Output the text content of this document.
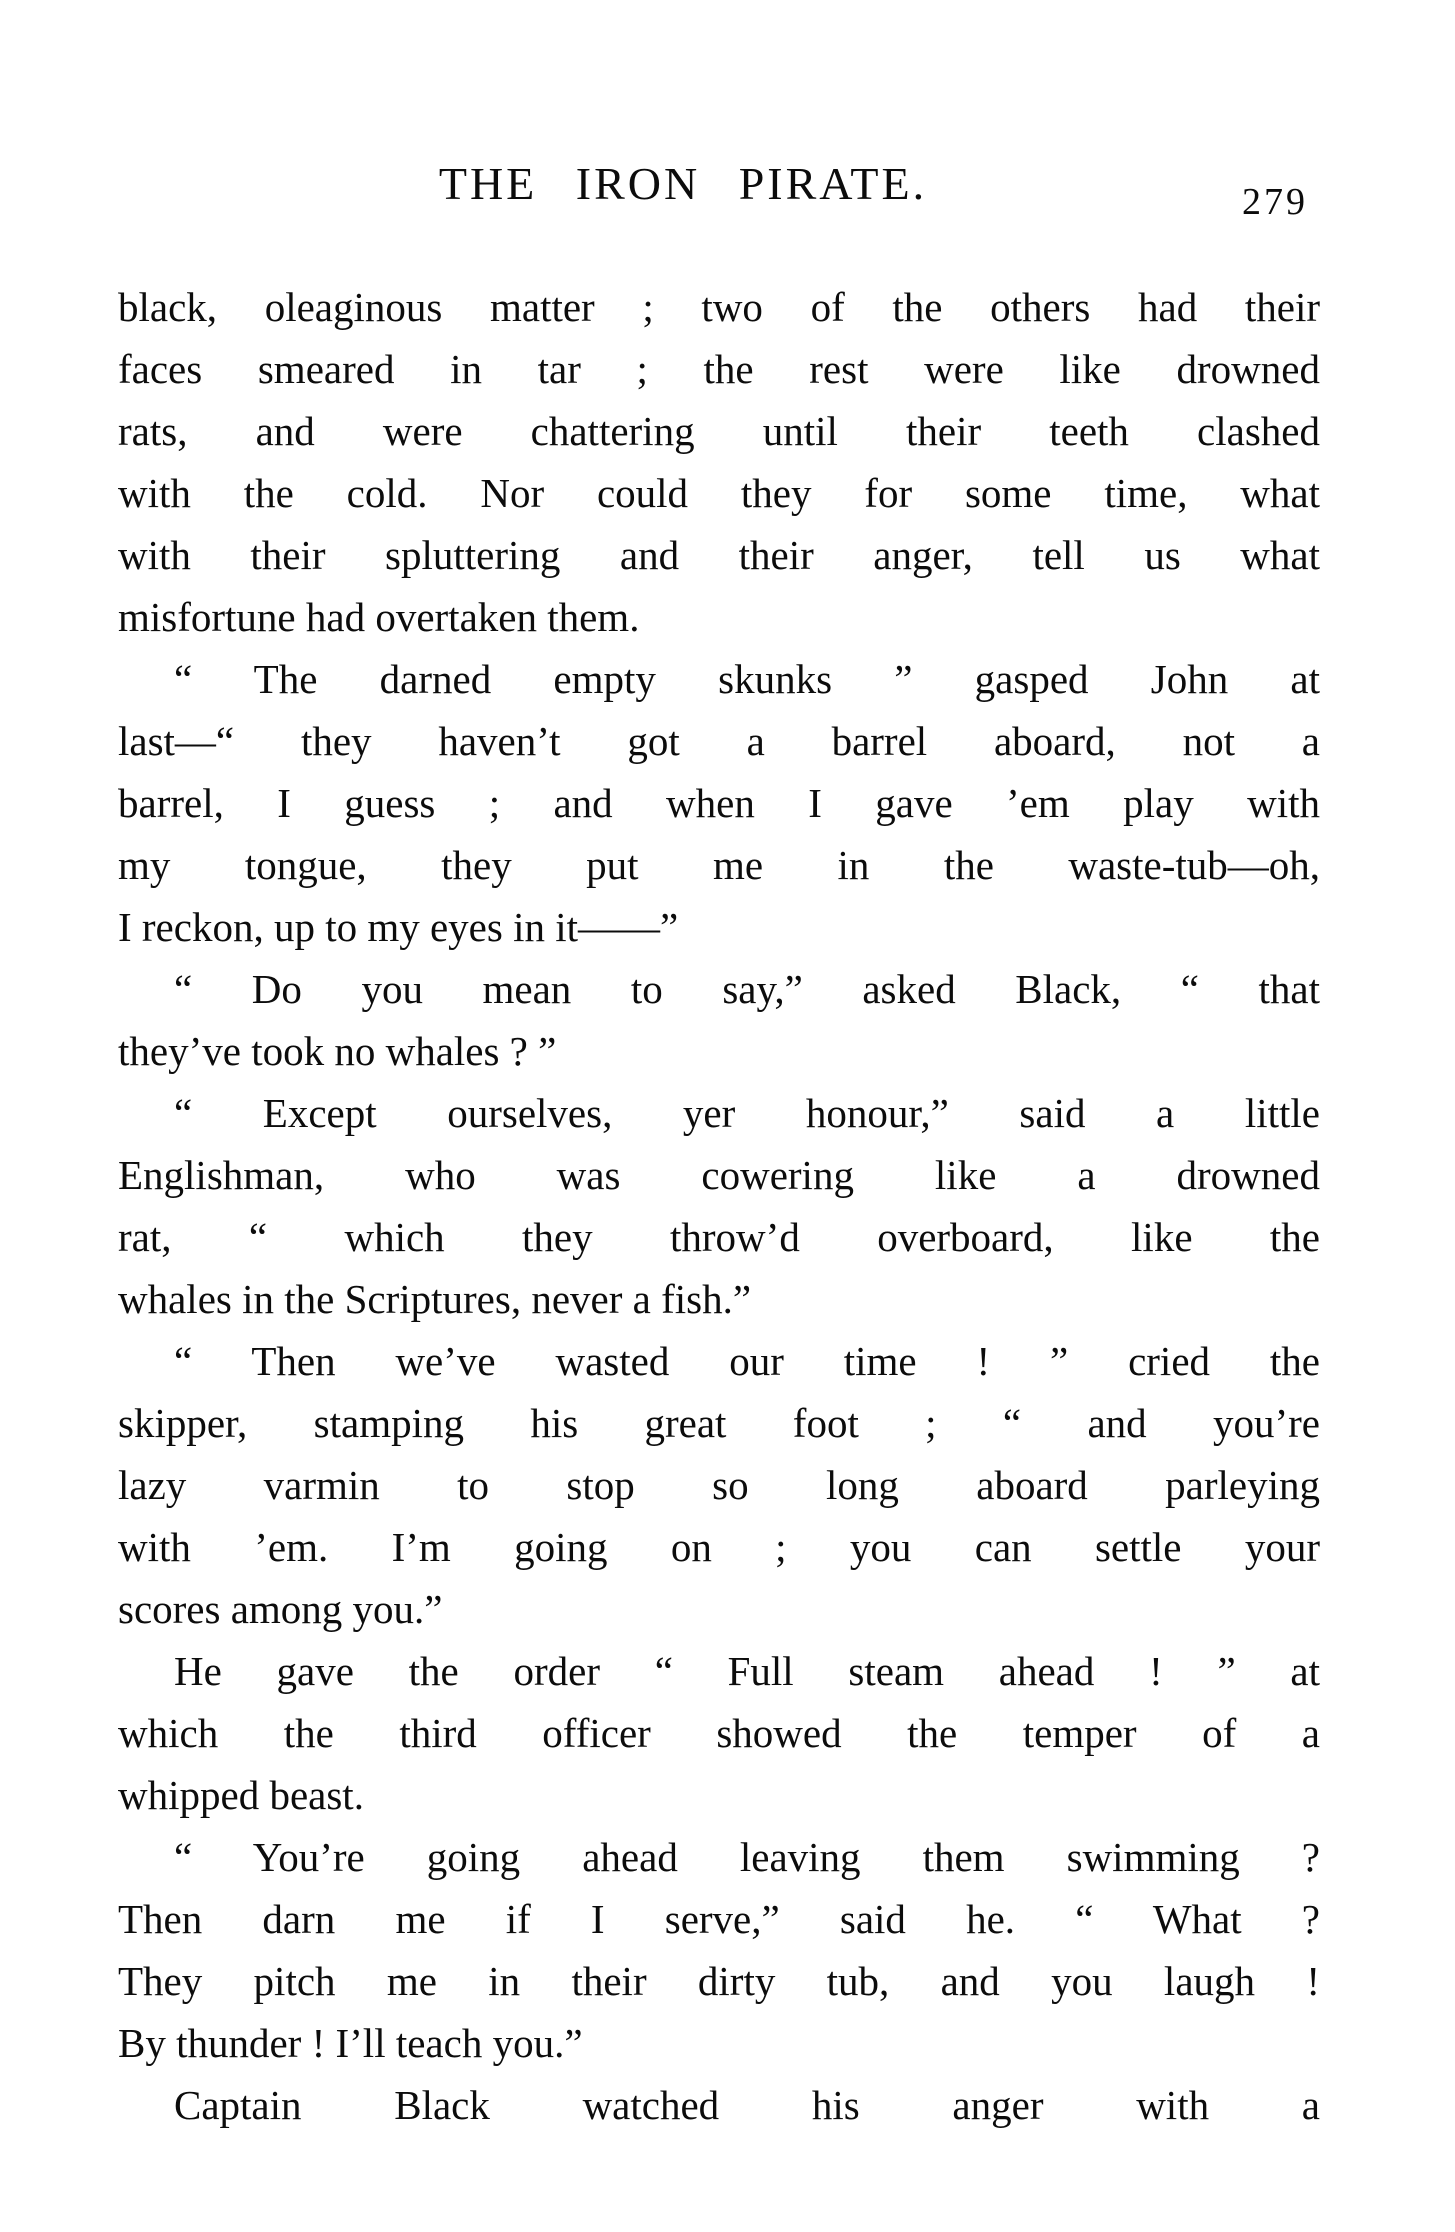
THE IRON PIRATE.	279
black, oleaginous matter ; two of the others had their
faces smeared in tar ; the rest were like drowned
rats, and were chattering until their teeth clashed
with the cold. Nor could they for some time, what
with their spluttering and their anger, tell us what
misfortune had overtaken them.
“ The darned empty skunks ” gasped John at
last—“ they haven’t got a barrel aboard, not a
barrel, I guess ; and when I gave ’em play with
my tongue, they put me in the waste-tub—oh,
I reckon, up to my eyes in it——”
“ Do you mean to say,” asked Black, “ that
they’ve took no whales ? ”
“ Except ourselves, yer honour,” said a little
Englishman, who was cowering like a drowned
rat, “ which they throw’d overboard, like the
whales in the Scriptures, never a fish.”
“ Then we’ve wasted our time ! ” cried the
skipper, stamping his great foot ; “ and you’re
lazy varmin to stop so long aboard parleying
with ’em. I’m going on ; you can settle your
scores among you.”
He gave the order “ Full steam ahead ! ” at
which the third officer showed the temper of a
whipped beast.
“ You’re going ahead leaving them swimming ?
Then darn me if I serve,” said he. “ What ?
They pitch me in their dirty tub, and you laugh !
By thunder ! I’ll teach you.”
Captain Black watched his anger with a
